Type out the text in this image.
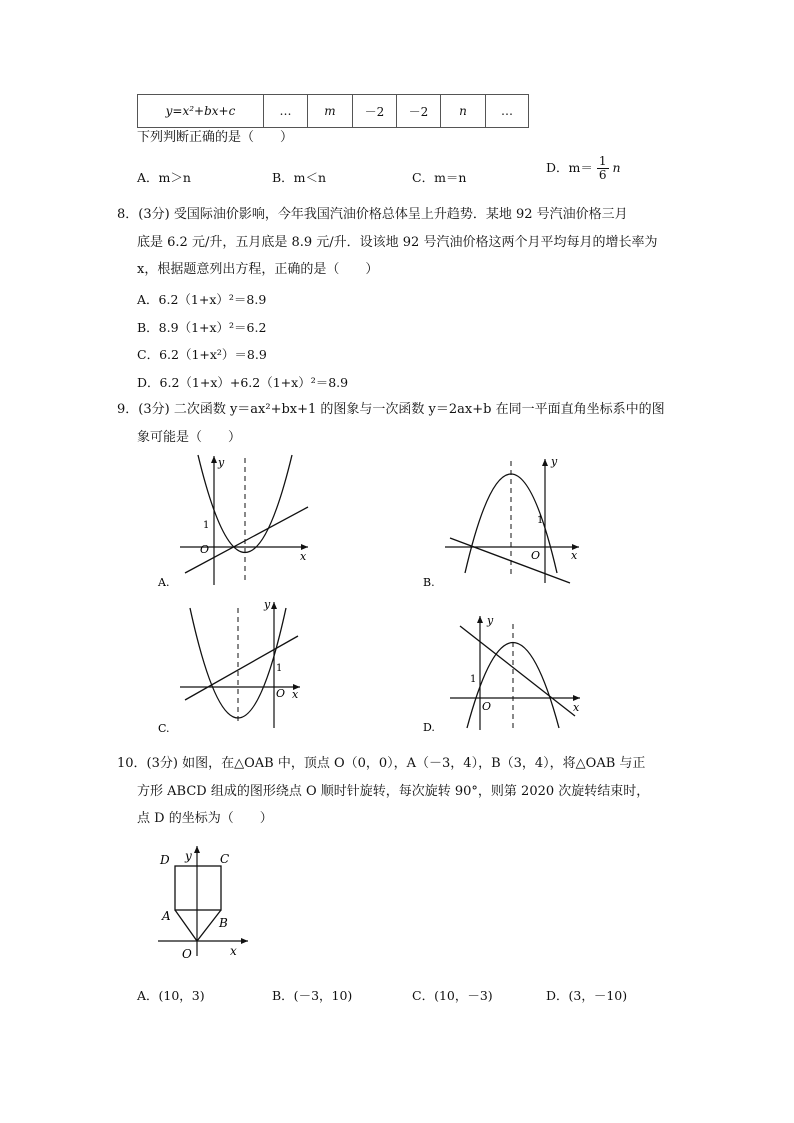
y=x²+bx+c	…	m	－2	－2	n	…
下列判断正确的是（　　）
A．m＞n	B．m＜n	C．m＝n
D．$m= \frac{1}{6}$ n
8．(3分) 受国际油价影响，今年我国汽油价格总体呈上升趋势．某地 92 号汽油价格三月
底是 6.2 元/升，五月底是 8.9 元/升．设该地 92 号汽油价格这两个月平均每月的增长率为
x，根据题意列出方程，正确的是（　　）
A．6.2（1+x）²＝8.9
B．8.9（1+x）²＝6.2
C．6.2（1+x²）＝8.9
D．6.2（1+x）+6.2（1+x）²＝8.9
9．(3分) 二次函数 y＝ax²+bx+1 的图象与一次函数 y＝2ax+b 在同一平面直角坐标系中的图
象可能是（　　）
y
x
O
1
A.
y
x
O
1
B.
y
x
O
1
C.
y
x
O
1
D.
10．(3分) 如图，在△OAB 中，顶点 O（0，0），A（－3，4），B（3，4），将△OAB 与正
方形 ABCD 组成的图形绕点 O 顺时针旋转，每次旋转 90°，则第 2020 次旋转结束时，
点 D 的坐标为（　　）
D y C
A	B
O	x
A．(10，3)	B．(－3，10)	C．(10，－3)	D．(3，－10)
